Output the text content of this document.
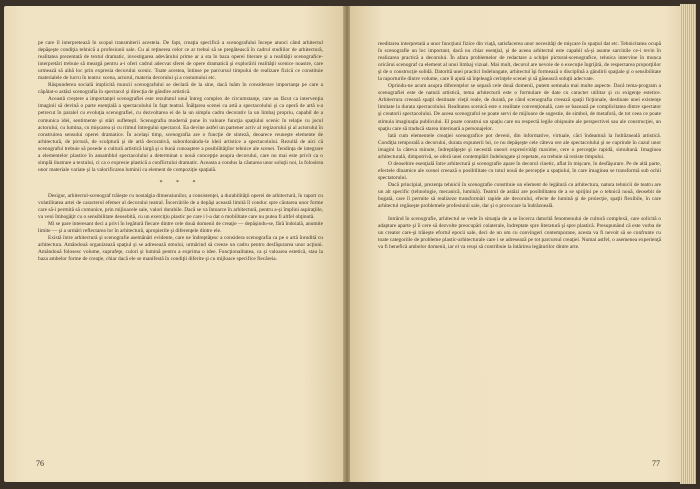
pe care îl interpretează în scopul transmiterii acesteia. De fapt, creaţia specifică a scenografului începe atunci când arhitectul depăşeşte condiţia tehnică a profesiunii sale. Cu ai reţinerea celor ce ar trebui să se pregătească în cadrul studiilor de arhitectură, realitatea prezentată de textul dramatic, investigarea adevărului prime ar a sta în baza operei literare şi a realităţii scenografice-interpretări trebuie să meargă pentru a-i oferi cadrul adecvat sferei de opere dramatică şi explorării realităţii scenice noastre, care urmează să aibă loc prin expresia decorului scenic. Toate acestea, întinse pe parcursul timpului de realizare fizică ce constituie materialele de lucru în teatru: scena, actorul, materia decorului şi a costumului etc.

Răspunderea socială implicită muncii scenografului se declară de la sine, dacă luăm în considerare importanţa pe care a căpătat-o astăzi scenografia în spectacol şi direcţia de gândire artistică.

Această creştere a importanţei scenografiei este rezultatul unui întreg complex de circumstanţe, care au făcut ca intervenţia imaginii să devină o parte esenţială a spectacolului în fapt teatral. Înălţarea scenei ca artă a spectacolului şi ca operă de artă s-a petrecut în paralel cu evoluţia scenografiei, cu dezvoltarea ei de la un simplu cadru decorativ la un limbaj propriu, capabil de a comunica idei, sentimente şi stări sufleteşti. Scenografia modernă pune în valoare funcţia spaţiului scenic în relaţie cu jocul actorului, cu lumina, cu mişcarea şi cu ritmul întregului spectacol. Ea devine astfel un partener activ al regizorului şi al actorului în construirea sensului operei dramatice. În acelaşi timp, scenografia are o funcţie de sinteză, deoarece reuneşte elemente de arhitectură, de pictură, de sculptură şi de artă decorativă, subordonându-le ideii artistice a spectacolului. Rezultă de aici că scenograful trebuie să posede o cultură artistică largă şi o bună cunoaştere a posibilităţilor tehnice ale scenei. Tendinţa de integrare a elementelor plastice în ansamblul spectacolului a determinat o nouă concepţie asupra decorului, care nu mai este privit ca o simplă ilustrare a textului, ci ca o expresie plastică a conflictului dramatic. Aceasta a condus la căutarea unor soluţii noi, la folosirea unor materiale variate şi la valorificarea luminii ca element de compoziţie spaţială.

* * *

Desigur, arhitectul-scenograf trăieşte cu nostalgia dimensiunilor, a consistenţei, a durabilităţii operei de arhitectură, în raport cu volatilitatea artei de caracterul efemer al decorului teatral. Încercările de a depăşi această limită îl conduc spre căutarea unor forme care să-i permită să comunice, prin mijloacele sale, valori durabile. Dacă se va întoarce în arhitectură, pentru a-şi împlini aspiraţiile, va veni îmbogăţit cu o sensibilitate deosebită, cu un exerciţiu plastic pe care i l-a dat o mobilitate care nu putea fi altfel obţinută.

Mi se pare interesant deci a privi în legătură fiecare dintre cele două domenii de creaţie — depăşindu-se, fără îndoială, anumite limite — şi a urmări reflectarea lor în arhitectură, apropierile şi diferenţele dintre ele.

Există între arhitectură şi scenografie asemănări evidente, care ne îndreptăţesc a considera scenografia ca pe o artă înrudită cu arhitectura. Amândouă organizează spaţiul şi se adresează omului, urmărind să creeze un cadru pentru desfăşurarea unor acţiuni. Amândouă folosesc volume, suprafeţe, culori şi lumină pentru a exprima o idee. Funcţionalitatea, ca şi valoarea estetică, stau la baza ambelor forme de creaţie, chiar dacă ele se manifestă în condiţii diferite şi cu mijloace specifice fiecăreia.

76

reeditarea interpretată a unor funcţiuni fizice din viaţă, satisfacerea unor necesităţi de mişcare în spaţiul dat etc. Tehnicitatea ocupă în scenografie un loc important, dacă nu chiar esenţial, şi de aceea arhitectul este capabil să-şi asume sarcinile ce-i revin în realizarea practică a decorului. În afara problemelor de redactare a schiţei pictural-scenografice, tehnica intervine în munca oricărui scenograf ca element al unui limbaj vizual. Mai mult, decorul are nevoie de o execuţie îngrijită, de respectarea proporţiilor şi de o construcţie solidă. Datorită unei practici îndelungate, arhitectul îşi formează o disciplină a gândirii spaţiale şi o sensibilitate la raporturile dintre volume, care îl ajută să înţeleagă cerinţele scenei şi să găsească soluţii adecvate.

Oprindu-ne acum asupra diferenţelor se separă cele două domenii, putem semnala mai multe aspecte. Dacă tema-program a scenografiei este de natură artistică, tema arhitecturii este o formulare de date cu caracter utilitar şi cu exigenţe estetice. Arhitectura creează spaţii destinate vieţii reale, de durată, pe când scenografia creează spaţii ficţionale, destinate unei existenţe limitate la durata spectacolului. Realitatea scenică este o realitate convenţională, care se bazează pe complicitatea dintre spectator şi creatorii spectacolului. De aceea scenograful se poate servi de mijloace de sugestie, de simbol, de metaforă, de tot ceea ce poate stimula imaginaţia publicului. El poate construi un spaţiu care nu respectă legile obişnuite ale perspectivei sau ale construcţiei, un spaţiu care să traducă starea interioară a personajelor.

Iată cum elementele creaţiei scenografice pot deveni, din informative, virtuale, căci îndeamnă la îndrăzneală artistică. Condiţia temporală a decorului, durata expunerii lui, ce nu depăşeşte cele câteva ore ale spectacolului şi se cuprinde în cazul unor imagini la câteva minute, îndreptăţeşte şi necesită uneori expresivităţi maxime, cere o percepţie rapidă, simultană. Imaginea arhitecturală, dimpotrivă, se oferă unei contemplări îndelungate şi repetate, ea trebuie să reziste timpului.

O deosebire esenţială între arhitectură şi scenografie apare în decorul cinetic, aflat în mişcare, în desfăşurare. Pe de altă parte, efectele dinamice ale scenei creează o posibilitate cu totul nouă de percepţie a spaţiului, în care imaginea se transformă sub ochii spectatorului.

Dacă principial, prezenţa tehnicii în scenografie constituie un element de legătură cu arhitectura, natura tehnicii de teatru are un alt specific (tehnologie, mecanică, lumină). Teatrul de astăzi are posibilitatea de a se sprijini pe o tehnică nouă, deosebit de bogată, care îi permite să realizeze transformări rapide ale decorului, efecte de lumină şi de proiecţie, spaţii flexibile, în care arhitectul regăseşte problemele profesiunii sale, dar şi o provocare la îndrăzneală.

Intrând în scenografie, arhitectul se vede în situaţia de a se încerca datorită fenomenului de cultură complexă, care solicită o adaptare aparte şi îi cere să dezvolte preocupări colaterale, îndreptate spre literatură şi spre plastică. Presupunând că este vorba de un creator care-şi trăieşte efortul epocii sale, deci de un om cu convingeri contemporane, acesta va fi nevoit să se confrunte cu toate categoriile de probleme plastic-arhitecturale care i se adresează pe tot parcursul creaţiei. Numai astfel, o asemenea experienţă va fi benefică ambelor domenii, iar el va reuşi să contribuie la întărirea legăturilor dintre arte.

77
